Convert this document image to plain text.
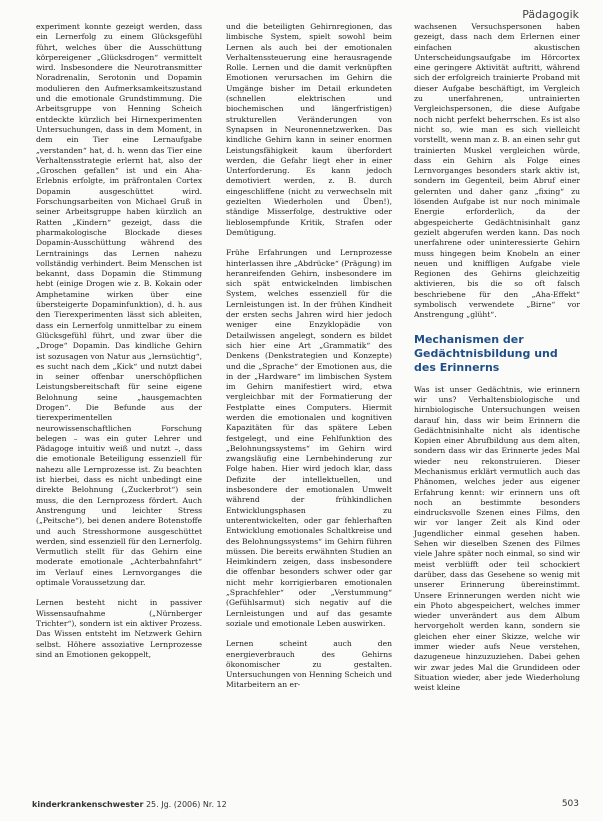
Pädagogik

experiment konnte gezeigt werden, dass ein Lernerfolg zu einem Glücksgefühl führt, welches über die Ausschüttung körpereigener „Glücksdrogen“ vermittelt wird. Insbesondere die Neurotransmitter Noradrenalin, Serotonin und Dopamin modulieren den Aufmerksamkeitszustand und die emotionale Grundstimmung. Die Arbeitsgruppe von Henning Scheich entdeckte kürzlich bei Hirnexperimenten Untersuchungen, dass in dem Moment, in dem ein Tier eine Lernaufgabe „verstanden“ hat, d. h. wenn das Tier eine Verhaltensstrategie erlernt hat, also der „Groschen gefallen“ ist und ein Aha-Erlebnis erfolgte, im präfrontalen Cortex Dopamin ausgeschüttet wird. Forschungsarbeiten von Michael Gruß in seiner Arbeitsgruppe haben kürzlich an Ratten „Kindern“ gezeigt, dass die pharmakologische Blockade dieses Dopamin-Ausschüttung während des Lerntrainings das Lernen nahezu vollständig verhindert. Beim Menschen ist bekannt, dass Dopamin die Stimmung hebt (einige Drogen wie z. B. Kokain oder Amphetamine wirken über eine übersteigerte Dopaminfunktion), d. h. aus den Tierexperimenten lässt sich ableiten, dass ein Lernerfolg unmittelbar zu einem Glücksgefühl führt, und zwar über die „Droge“ Dopamin. Das kindliche Gehirn ist sozusagen von Natur aus „lernsüchtig“, es sucht nach dem „Kick“ und nutzt dabei in seiner offenbar unerschöpflichen Leistungsbereitschaft für seine eigene Belohnung seine „hausgemachten Drogen“. Die Befunde aus der tierexperimentellen neurowissenschaftlichen Forschung belegen – was ein guter Lehrer und Pädagoge intuitiv weiß und nutzt –, dass die emotionale Beteiligung essenziell für nahezu alle Lernprozesse ist. Zu beachten ist hierbei, dass es nicht unbedingt eine direkte Belohnung („Zuckerbrot“) sein muss, die den Lernprozess fördert. Auch Anstrengung und leichter Stress („Peitsche“), bei denen andere Botenstoffe und auch Stresshormone ausgeschüttet werden, sind essenziell für den Lernerfolg. Vermutlich stellt für das Gehirn eine moderate emotionale „Achterbahnfahrt“ im Verlauf eines Lernvorganges die optimale Voraussetzung dar.

Lernen besteht nicht in passiver Wissensaufnahme („Nürnberger Trichter“), sondern ist ein aktiver Prozess. Das Wissen entsteht im Netzwerk Gehirn selbst. Höhere assoziative Lernprozesse sind an Emotionen gekoppelt,

und die beteiligten Gehirnregionen, das limbische System, spielt sowohl beim Lernen als auch bei der emotionalen Verhaltenssteuerung eine herausragende Rolle. Lernen und die damit verknüpften Emotionen verursachen im Gehirn die Umgänge bisher im Detail erkundeten (schnellen elektrischen und biochemischen und längerfristigen) strukturellen Veränderungen von Synapsen in Neuronennetzwerken. Das kindliche Gehirn kann in seiner enormen Leistungsfähigkeit kaum überfordert werden, die Gefahr liegt eher in einer Unterforderung. Es kann jedoch demotiviert werden, z. B. durch eingeschliffene (nicht zu verwechseln mit gezielten Wiederholen und Üben!), ständige Misserfolge, destruktive oder lieblosempfunde Kritik, Strafen oder Demütigung.

Frühe Erfahrungen und Lernprozesse hinterlassen ihre „Abdrücke“ (Prägung) im heranreifenden Gehirn, insbesondere im sich spät entwickelnden limbischen System, welches essenziell für die Lernleistungen ist. In der frühen Kindheit der ersten sechs Jahren wird hier jedoch weniger eine Enzyklopädie von Detailwissen angelegt, sondern es bildet sich hier eine Art „Grammatik“ des Denkens (Denkstrategien und Konzepte) und die „Sprache“ der Emotionen aus, die in der „Hardware“ im limbischen System im Gehirn manifestiert wird, etwa vergleichbar mit der Formatierung der Festplatte eines Computers. Hiermit werden die emotionalen und kognitiven Kapazitäten für das spätere Leben festgelegt, und eine Fehlfunktion des „Belohnungssystems“ im Gehirn wird zwangsläufig eine Lernbehinderung zur Folge haben. Hier wird jedoch klar, dass Defizite der intellektuellen, und insbesondere der emotionalen Umwelt während der frühkindlichen Entwicklungsphasen zu unterentwickelten, oder gar fehlerhaften Entwicklung emotionales Schaltkreise und des Belohnungssystems“ im Gehirn führen müssen. Die bereits erwähnten Studien an Heimkindern zeigen, dass insbesondere die offenbar besonders schwer oder gar nicht mehr korrigierbaren emotionalen „Sprachfehler“ oder „Verstummung“ (Gefühlsarmut) sich negativ auf die Lernleistungen und auf das gesamte soziale und emotionale Leben auswirken.

Lernen scheint auch den energieverbrauch des Gehirns ökonomischer zu gestalten. Untersuchungen von Henning Scheich und Mitarbeitern an er-

wachsenen Versuchspersonen haben gezeigt, dass nach dem Erlernen einer einfachen akustischen Unterscheidungsaufgabe im Hörcortex eine geringere Aktivität auftritt, während sich der erfolgreich trainierte Proband mit dieser Aufgabe beschäftigt, im Vergleich zu unerfahrenen, untrainierten Vergleichspersonen, die diese Aufgabe noch nicht perfekt beherrschen. Es ist also nicht so, wie man es sich vielleicht vorstellt, wenn man z. B. an einen sehr gut trainierten Muskel vergleichen würde, dass ein Gehirn als Folge eines Lernvorganges besonders stark aktiv ist, sondern im Gegenteil, beim Abruf einer gelernten und daher ganz „fixing“ zu lösenden Aufgabe ist nur noch minimale Energie erforderlich, da der abgespeicherte Gedächtnisinhalt ganz gezielt abgerufen werden kann. Das noch unerfahrene oder uninteressierte Gehirn muss hingegen beim Knobeln an einer neuen und kniffligen Aufgabe viele Regionen des Gehirns gleichzeitig aktivieren, bis die so oft falsch beschriebene für den „Aha-Effekt“ symbolisch verwendete „Birne“ vor Anstrengung „glüht“.

Mechanismen der Gedächtnisbildung und des Erinnerns

Was ist unser Gedächtnis, wie erinnern wir uns? Verhaltensbiologische und hirnbiologische Untersuchungen weisen darauf hin, dass wir beim Erinnern die Gedächtnisinhalte nicht als identische Kopien einer Abrufbildung aus dem alten, sondern dass wir das Erinnerte jedes Mal wieder neu rekonstruieren. Dieser Mechanismus erklärt vermutlich auch das Phänomen, welches jeder aus eigener Erfahrung kennt: wir erinnern uns oft noch an bestimmte besonders eindrucksvolle Szenen eines Films, den wir vor langer Zeit als Kind oder Jugendlicher einmal gesehen haben. Sehen wir dieselben Szenen des Filmes viele Jahre später noch einmal, so sind wir meist verblüfft oder teil schockiert darüber, dass das Gesehene so wenig mit unserer Erinnerung übereinstimmt. Unsere Erinnerungen werden nicht wie ein Photo abgespeichert, welches immer wieder unverändert aus dem Album hervorgeholt werden kann, sondern sie gleichen eher einer Skizze, welche wir immer wieder aufs Neue verstehen, dazugeneue hinzuzuziehen. Dabei gehen wir zwar jedes Mal die Grundideen oder Situation wieder, aber jede Wiederholung weist kleine

kinderkrankenschwester 25. Jg. (2006) Nr. 12	503
